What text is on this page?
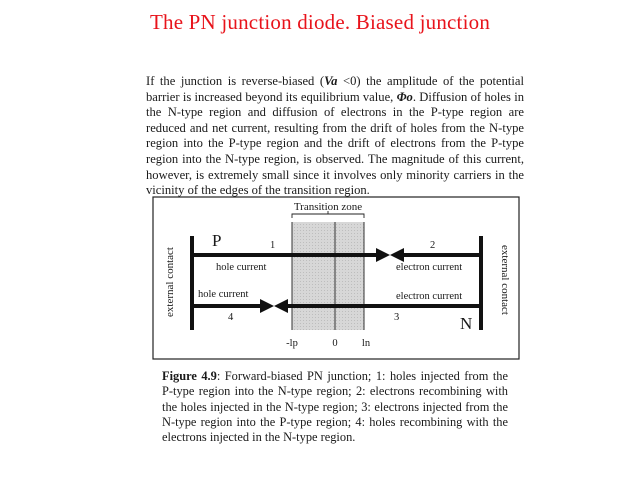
The PN junction diode. Biased junction

If the junction is reverse-biased (Va <0) the amplitude of the potential barrier is increased beyond its equilibrium value, Φo. Diffusion of holes in the N-type region and diffusion of electrons in the P-type region are reduced and net current, resulting from the drift of holes from the N-type region into the P-type region and the drift of electrons from the P-type region into the N-type region, is observed. The magnitude of this current, however, is extremely small since it involves only minority carriers in the vicinity of the edges of the transition region.

Transition zone
external contact	external contact
P
N
1
hole current
2
electron current
3
electron current
4
hole current
-lp	0 ln

Figure 4.9: Forward-biased PN junction; 1: holes injected from the P-type region into the N-type region; 2: electrons recombining with the holes injected in the N-type region; 3: electrons injected from the N-type region into the P-type region; 4: holes recombining with the electrons injected in the N-type region.
